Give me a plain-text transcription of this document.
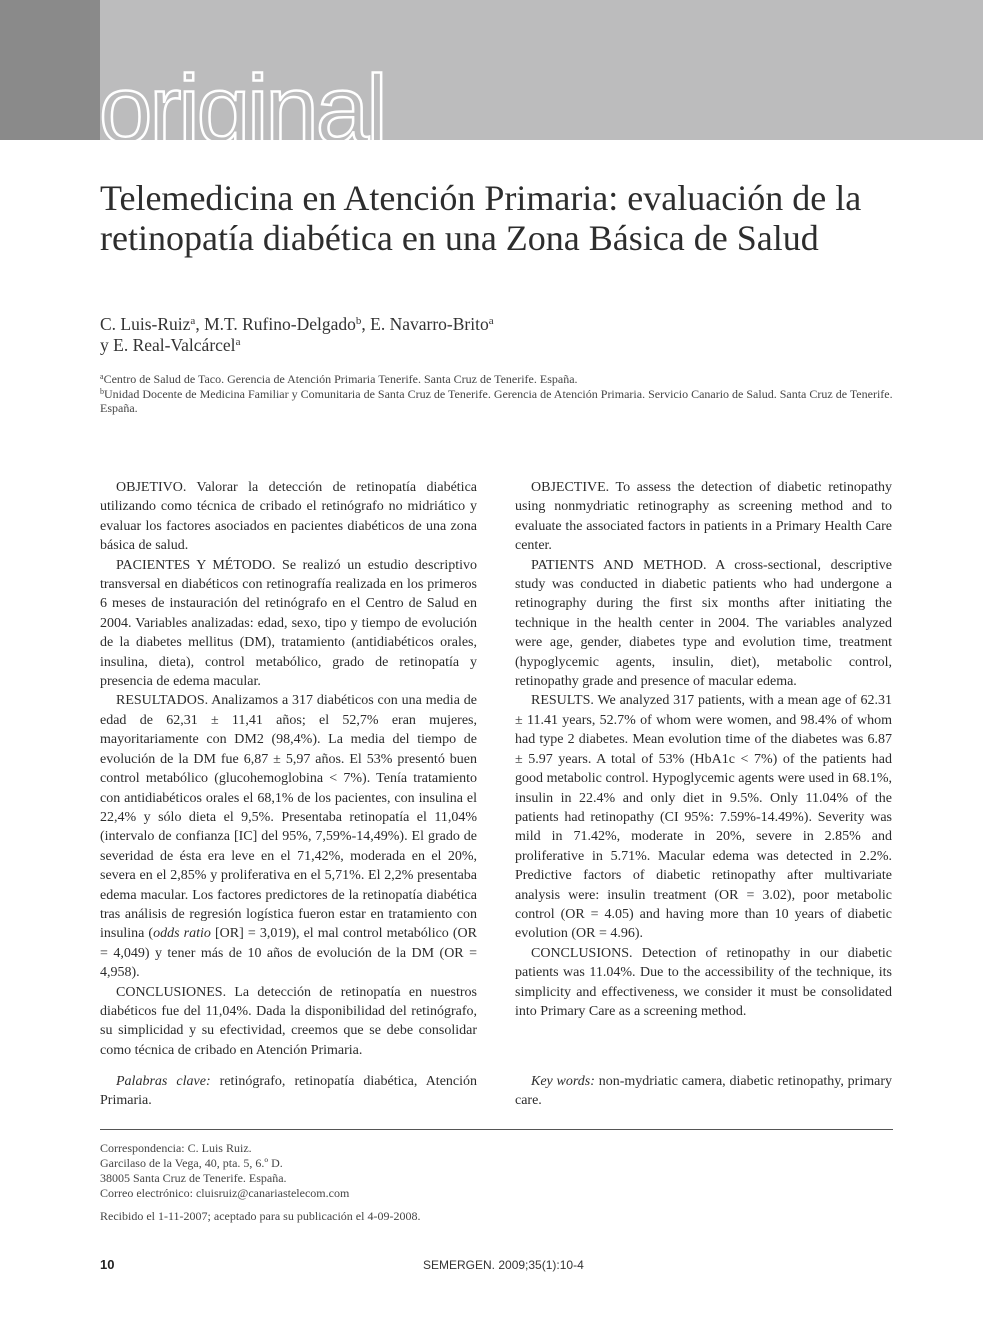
original
Telemedicina en Atención Primaria: evaluación de la retinopatía diabética en una Zona Básica de Salud

C. Luis-Ruiz$^a$, M.T. Rufino-Delgado$^b$, E. Navarro-Brito$^a$
y E. Real-Valcárcel$^a$

$^a$Centro de Salud de Taco. Gerencia de Atención Primaria Tenerife. Santa Cruz de Tenerife. España.

$^b$Unidad Docente de Medicina Familiar y Comunitaria de Santa Cruz de Tenerife. Gerencia de Atención Primaria. Servicio Canario de Salud. Santa Cruz de Tenerife. España.

OBJETIVO. Valorar la detección de retinopatía diabética utilizando como técnica de cribado el retinógrafo no midriático y evaluar los factores asociados en pacientes diabéticos de una zona básica de salud.

PACIENTES Y MÉTODO. Se realizó un estudio descriptivo transversal en diabéticos con retinografía realizada en los primeros 6 meses de instauración del retinógrafo en el Centro de Salud en 2004. Variables analizadas: edad, sexo, tipo y tiempo de evolución de la diabetes mellitus (DM), tratamiento (antidiabéticos orales, insulina, dieta), control metabólico, grado de retinopatía y presencia de edema macular.

RESULTADOS. Analizamos a 317 diabéticos con una media de edad de 62,31 ± 11,41 años; el 52,7% eran mujeres, mayoritariamente con DM2 (98,4%). La media del tiempo de evolución de la DM fue 6,87 ± 5,97 años. El 53% presentó buen control metabólico (glucohemoglobina < 7%). Tenía tratamiento con antidiabéticos orales el 68,1% de los pacientes, con insulina el 22,4% y sólo dieta el 9,5%. Presentaba retinopatía el 11,04% (intervalo de confianza [IC] del 95%, 7,59%-14,49%). El grado de severidad de ésta era leve en el 71,42%, moderada en el 20%, severa en el 2,85% y proliferativa en el 5,71%. El 2,2% presentaba edema macular. Los factores predictores de la retinopatía diabética tras análisis de regresión logística fueron estar en tratamiento con insulina (odds ratio [OR] = 3,019), el mal control metabólico (OR = 4,049) y tener más de 10 años de evolución de la DM (OR = 4,958).

CONCLUSIONES. La detección de retinopatía en nuestros diabéticos fue del 11,04%. Dada la disponibilidad del retinógrafo, su simplicidad y su efectividad, creemos que se debe consolidar como técnica de cribado en Atención Primaria.

OBJECTIVE. To assess the detection of diabetic retinopathy using nonmydriatic retinography as screening method and to evaluate the associated factors in patients in a Primary Health Care center.

PATIENTS AND METHOD. A cross-sectional, descriptive study was conducted in diabetic patients who had undergone a retinography during the first six months after initiating the technique in the health center in 2004. The variables analyzed were age, gender, diabetes type and evolution time, treatment (hypoglycemic agents, insulin, diet), metabolic control, retinopathy grade and presence of macular edema.

RESULTS. We analyzed 317 patients, with a mean age of 62.31 ± 11.41 years, 52.7% of whom were women, and 98.4% of whom had type 2 diabetes. Mean evolution time of the diabetes was 6.87 ± 5.97 years. A total of 53% (HbA1c < 7%) of the patients had good metabolic control. Hypoglycemic agents were used in 68.1%, insulin in 22.4% and only diet in 9.5%. Only 11.04% of the patients had retinopathy (CI 95%: 7.59%-14.49%). Severity was mild in 71.42%, moderate in 20%, severe in 2.85% and proliferative in 5.71%. Macular edema was detected in 2.2%. Predictive factors of diabetic retinopathy after multivariate analysis were: insulin treatment (OR = 3.02), poor metabolic control (OR = 4.05) and having more than 10 years of diabetic evolution (OR = 4.96).

CONCLUSIONS. Detection of retinopathy in our diabetic patients was 11.04%. Due to the accessibility of the technique, its simplicity and effectiveness, we consider it must be consolidated into Primary Care as a screening method.

Palabras clave: retinógrafo, retinopatía diabética, Atención Primaria.

Key words: non-mydriatic camera, diabetic retinopathy, primary care.

Correspondencia: C. Luis Ruiz.

Garcilaso de la Vega, 40, pta. 5, 6.º D.

38005 Santa Cruz de Tenerife. España.

Correo electrónico: cluisruiz@canariastelecom.com

Recibido el 1-11-2007; aceptado para su publicación el 4-09-2008.

10	SEMERGEN. 2009;35(1):10-4
